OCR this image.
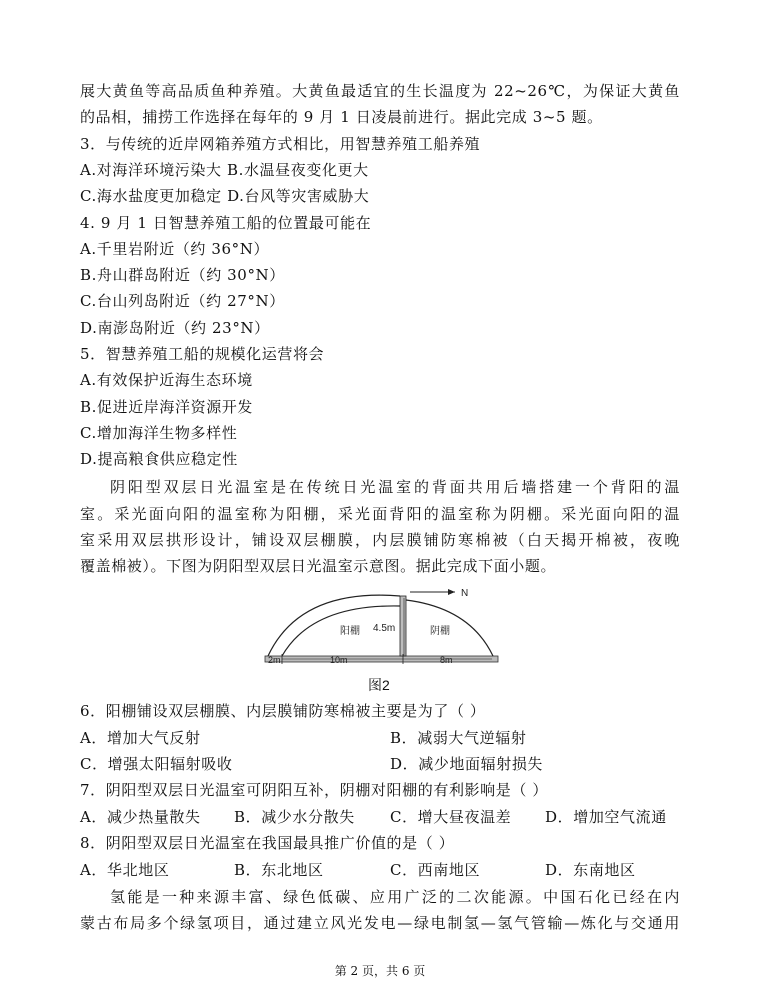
展大黄鱼等高品质鱼种养殖。大黄鱼最适宜的生长温度为 22~26℃，为保证大黄鱼
的品相，捕捞工作选择在每年的 9 月 1 日凌晨前进行。据此完成 3~5 题。
3．与传统的近岸网箱养殖方式相比，用智慧养殖工船养殖
A.对海洋环境污染大 B.水温昼夜变化更大
C.海水盐度更加稳定 D.台风等灾害威胁大
4. 9 月 1 日智慧养殖工船的位置最可能在
A.千里岩附近（约 36°N）
B.舟山群岛附近（约 30°N）
C.台山列岛附近（约 27°N）
D.南澎岛附近（约 23°N）
5．智慧养殖工船的规模化运营将会
A.有效保护近海生态环境
B.促进近岸海洋资源开发
C.增加海洋生物多样性
D.提高粮食供应稳定性
阴阳型双层日光温室是在传统日光温室的背面共用后墙搭建一个背阳的温
室。采光面向阳的温室称为阳棚，采光面背阳的温室称为阴棚。采光面向阳的温
室采用双层拱形设计，铺设双层棚膜，内层膜铺防寒棉被（白天揭开棉被，夜晚
覆盖棉被）。下图为阴阳型双层日光温室示意图。据此完成下面小题。
N
阳棚	阴棚
4.5m
2m	10m	8m
图2
6．阳棚铺设双层棚膜、内层膜铺防寒棉被主要是为了（ ）
A．增加大气反射	B．减弱大气逆辐射
C．增强太阳辐射吸收	D．减少地面辐射损失
7．阴阳型双层日光温室可阴阳互补，阴棚对阳棚的有利影响是（ ）
A．减少热量散失 B．减少水分散失 C．增大昼夜温差 D．增加空气流通
8．阴阳型双层日光温室在我国最具推广价值的是（ ）
A．华北地区	B．东北地区	C．西南地区	D．东南地区
氢能是一种来源丰富、绿色低碳、应用广泛的二次能源。中国石化已经在内
蒙古布局多个绿氢项目，通过建立风光发电—绿电制氢—氢气管输—炼化与交通用
第 2 页，共 6 页
